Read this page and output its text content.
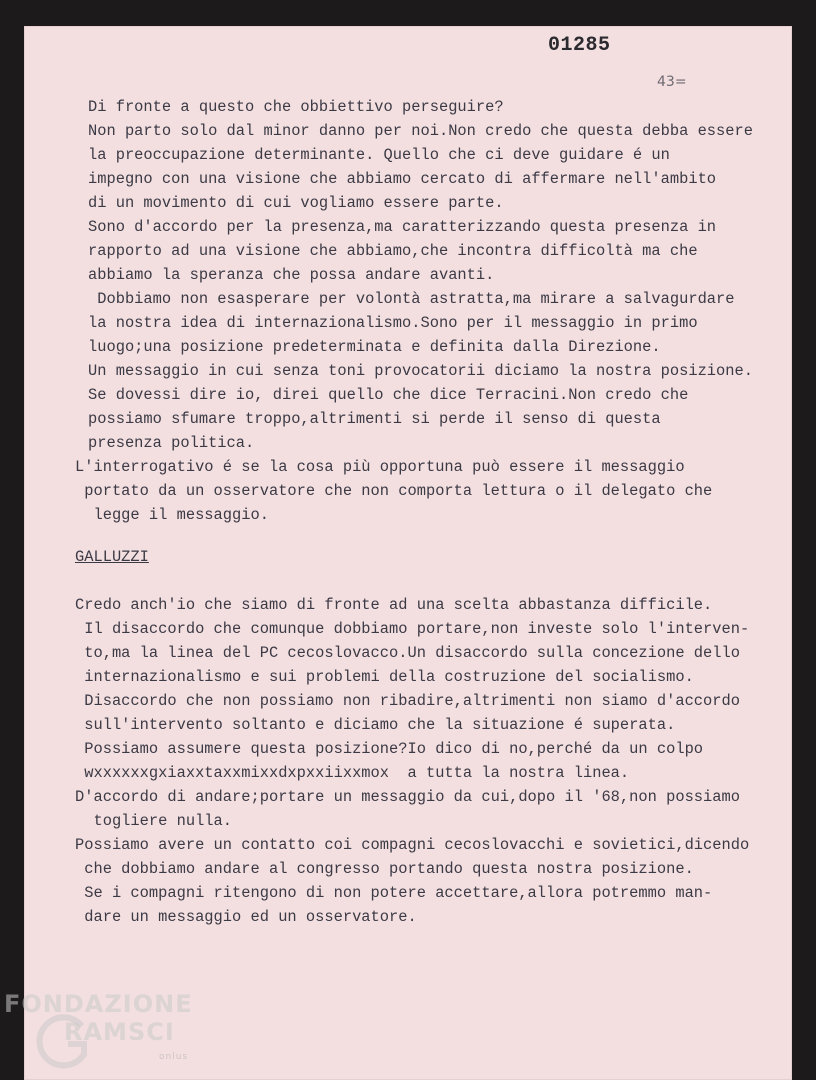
01285
43=
Di fronte a questo che obbiettivo perseguire?
Non parto solo dal minor danno per noi.Non credo che questa debba essere
la preoccupazione determinante. Quello che ci deve guidare é un
impegno con una visione che abbiamo cercato di affermare nell'ambito
di un movimento di cui vogliamo essere parte.
Sono d'accordo per la presenza,ma caratterizzando questa presenza in
rapporto ad una visione che abbiamo,che incontra difficoltà ma che
abbiamo la speranza che possa andare avanti.
Dobbiamo non esasperare per volontà astratta,ma mirare a salvagurdare
la nostra idea di internazionalismo.Sono per il messaggio in primo
luogo;una posizione predeterminata e definita dalla Direzione.
Un messaggio in cui senza toni provocatorii diciamo la nostra posizione.
Se dovessi dire io, direi quello che dice Terracini.Non credo che
possiamo sfumare troppo,altrimenti si perde il senso di questa
presenza politica.
L'interrogativo é se la cosa più opportuna può essere il messaggio
portato da un osservatore che non comporta lettura o il delegato che
legge il messaggio.
GALLUZZI
Credo anch'io che siamo di fronte ad una scelta abbastanza difficile.
Il disaccordo che comunque dobbiamo portare,non investe solo l'interven-
to,ma la linea del PC cecoslovacco.Un disaccordo sulla concezione dello
internazionalismo e sui problemi della costruzione del socialismo.
Disaccordo che non possiamo non ribadire,altrimenti non siamo d'accordo
sull'intervento soltanto e diciamo che la situazione é superata.
Possiamo assumere questa posizione?Io dico di no,perché da un colpo
wxxxxxxgxiaxxtaxxmixxdxpxxiixxmox  a tutta la nostra linea.
D'accordo di andare;portare un messaggio da cui,dopo il '68,non possiamo
togliere nulla.
Possiamo avere un contatto coi compagni cecoslovacchi e sovietici,dicendo
che dobbiamo andare al congresso portando questa nostra posizione.
Se i compagni ritengono di non potere accettare,allora potremmo man-
dare un messaggio ed un osservatore.
FONDAZIONE
RAMSCI
onlus
